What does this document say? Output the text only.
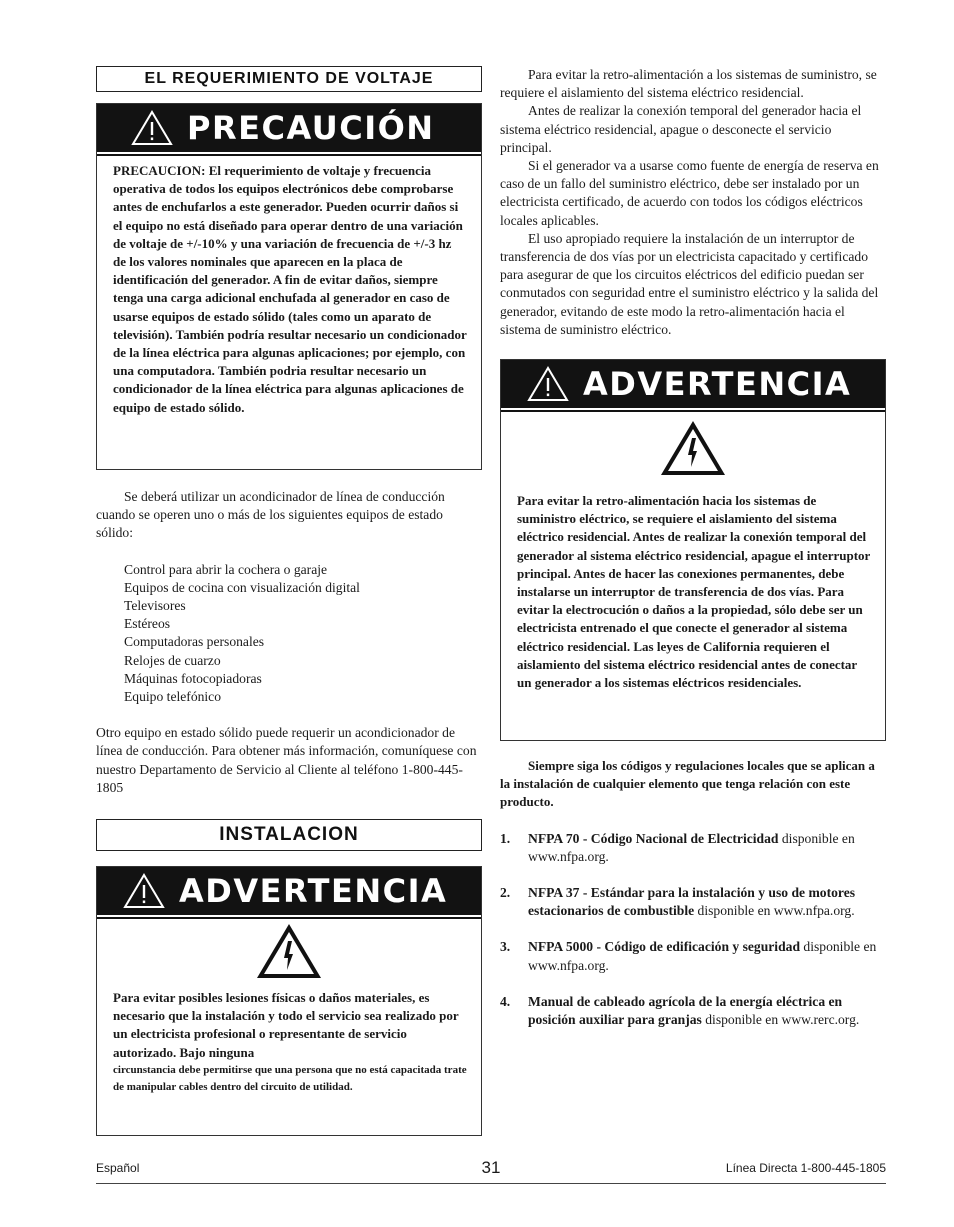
EL REQUERIMIENTO DE VOLTAJE
PRECAUCIÓN

PRECAUCION: El requerimiento de voltaje y frecuencia operativa de todos los equipos electrónicos debe comprobarse antes de enchufarlos a este generador. Pueden ocurrir daños si el equipo no está diseñado para operar dentro de una variación de voltaje de +/-10% y una variación de frecuencia de +/-3 hz de los valores nominales que aparecen en la placa de identificación del generador. A fin de evitar daños, siempre tenga una carga adicional enchufada al generador en caso de usarse equipos de estado sólido (tales como un aparato de televisión). También podría resultar necesario un condicionador de la línea eléctrica para algunas aplicaciones; por ejemplo, con una computadora. También podria resultar necesario un condicionador de la línea eléctrica para algunas aplicaciones de equipo de estado sólido.

Se deberá utilizar un acondicinador de línea de conducción cuando se operen uno o más de los siguientes equipos de estado sólido:

Control para abrir la cochera o garaje
Equipos de cocina con visualización digital
Televisores
Estéreos
Computadoras personales
Relojes de cuarzo
Máquinas fotocopiadoras
Equipo telefónico

Otro equipo en estado sólido puede requerir un acondicionador de línea de conducción. Para obtener más información, comuníquese con nuestro Departamento de Servicio al Cliente al teléfono 1-800-445-1805

INSTALACION
ADVERTENCIA

Para evitar posibles lesiones físicas o daños materiales, es necesario que la instalación y todo el servicio sea realizado por un electricista profesional o representante de servicio autorizado. Bajo ninguna

circunstancia debe permitirse que una persona que no está capacitada trate de manipular cables dentro del circuito de utilidad.

Para evitar la retro-alimentación a los sistemas de suministro, se requiere el aislamiento del sistema eléctrico residencial.

Antes de realizar la conexión temporal del generador hacia el sistema eléctrico residencial, apague o desconecte el servicio principal.

Si el generador va a usarse como fuente de energía de reserva en caso de un fallo del suministro eléctrico, debe ser instalado por un electricista certificado, de acuerdo con todos los códigos eléctricos locales aplicables.

El uso apropiado requiere la instalación de un interruptor de transferencia de dos vías por un electricista capacitado y certificado para asegurar de que los circuitos eléctricos del edificio puedan ser conmutados con seguridad entre el suministro eléctrico y la salida del generador, evitando de este modo la retro-alimentación hacia el sistema de suministro eléctrico.

ADVERTENCIA

Para evitar la retro-alimentación hacia los sistemas de suministro eléctrico, se requiere el aislamiento del sistema eléctrico residencial. Antes de realizar la conexión temporal del generador al sistema eléctrico residencial, apague el interruptor principal. Antes de hacer las conexiones permanentes, debe instalarse un interruptor de transferencia de dos vías. Para evitar la electrocución o daños a la propiedad, sólo debe ser un electricista entrenado el que conecte el generador al sistema eléctrico residencial. Las leyes de California requieren el aislamiento del sistema eléctrico residencial antes de conectar un generador a los sistemas eléctricos residenciales.

Siempre siga los códigos y regulaciones locales que se aplican a la instalación de cualquier elemento que tenga relación con este producto.

1.	NFPA 70 - Código Nacional de Electricidad disponible en www.nfpa.org.
2.	NFPA 37 - Estándar para la instalación y uso de motores estacionarios de combustible disponible en www.nfpa.org.
3.	NFPA 5000 - Código de edificación y seguridad disponible en www.nfpa.org.
4.	Manual de cableado agrícola de la energía eléctrica en posición auxiliar para granjas disponible en www.rerc.org.
Español	31	Línea Directa 1-800-445-1805
